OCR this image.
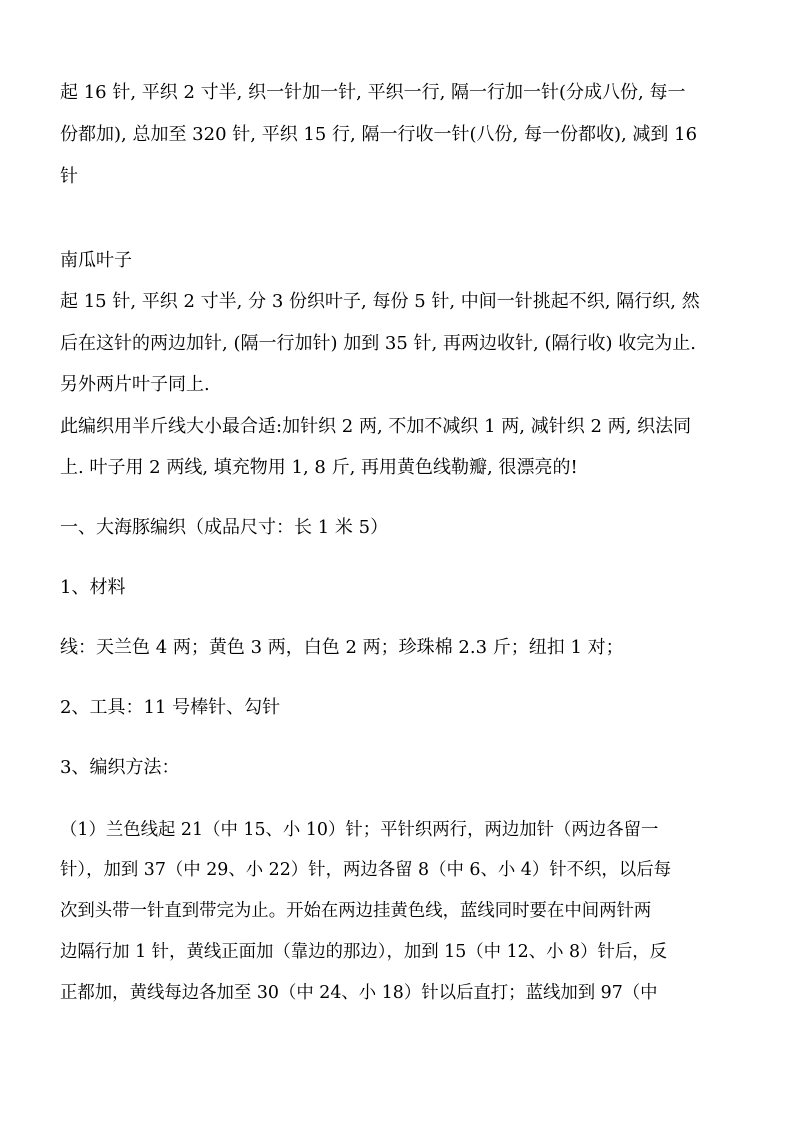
起 16 针, 平织 2 寸半, 织一针加一针, 平织一行, 隔一行加一针(分成八份, 每一
份都加), 总加至 320 针, 平织 15 行, 隔一行收一针(八份, 每一份都收), 减到 16
针
南瓜叶子
起 15 针, 平织 2 寸半, 分 3 份织叶子, 每份 5 针, 中间一针挑起不织, 隔行织, 然
后在这针的两边加针, (隔一行加针) 加到 35 针, 再两边收针, (隔行收) 收完为止.
另外两片叶子同上.
此编织用半斤线大小最合适:加针织 2 两, 不加不减织 1 两, 减针织 2 两, 织法同
上. 叶子用 2 两线, 填充物用 1, 8 斤, 再用黄色线勒瓣, 很漂亮的!
一、大海豚编织（成品尺寸：长 1 米 5）
1、材料
线：天兰色 4 两；黄色 3 两，白色 2 两；珍珠棉 2.3 斤；纽扣 1 对；
2、工具：11 号棒针、勾针
3、编织方法：
（1）兰色线起 21（中 15、小 10）针；平针织两行，两边加针（两边各留一
针），加到 37（中 29、小 22）针，两边各留 8（中 6、小 4）针不织，以后每
次到头带一针直到带完为止。开始在两边挂黄色线，蓝线同时要在中间两针两
边隔行加 1 针，黄线正面加（靠边的那边），加到 15（中 12、小 8）针后，反
正都加，黄线每边各加至 30（中 24、小 18）针以后直打；蓝线加到 97（中
